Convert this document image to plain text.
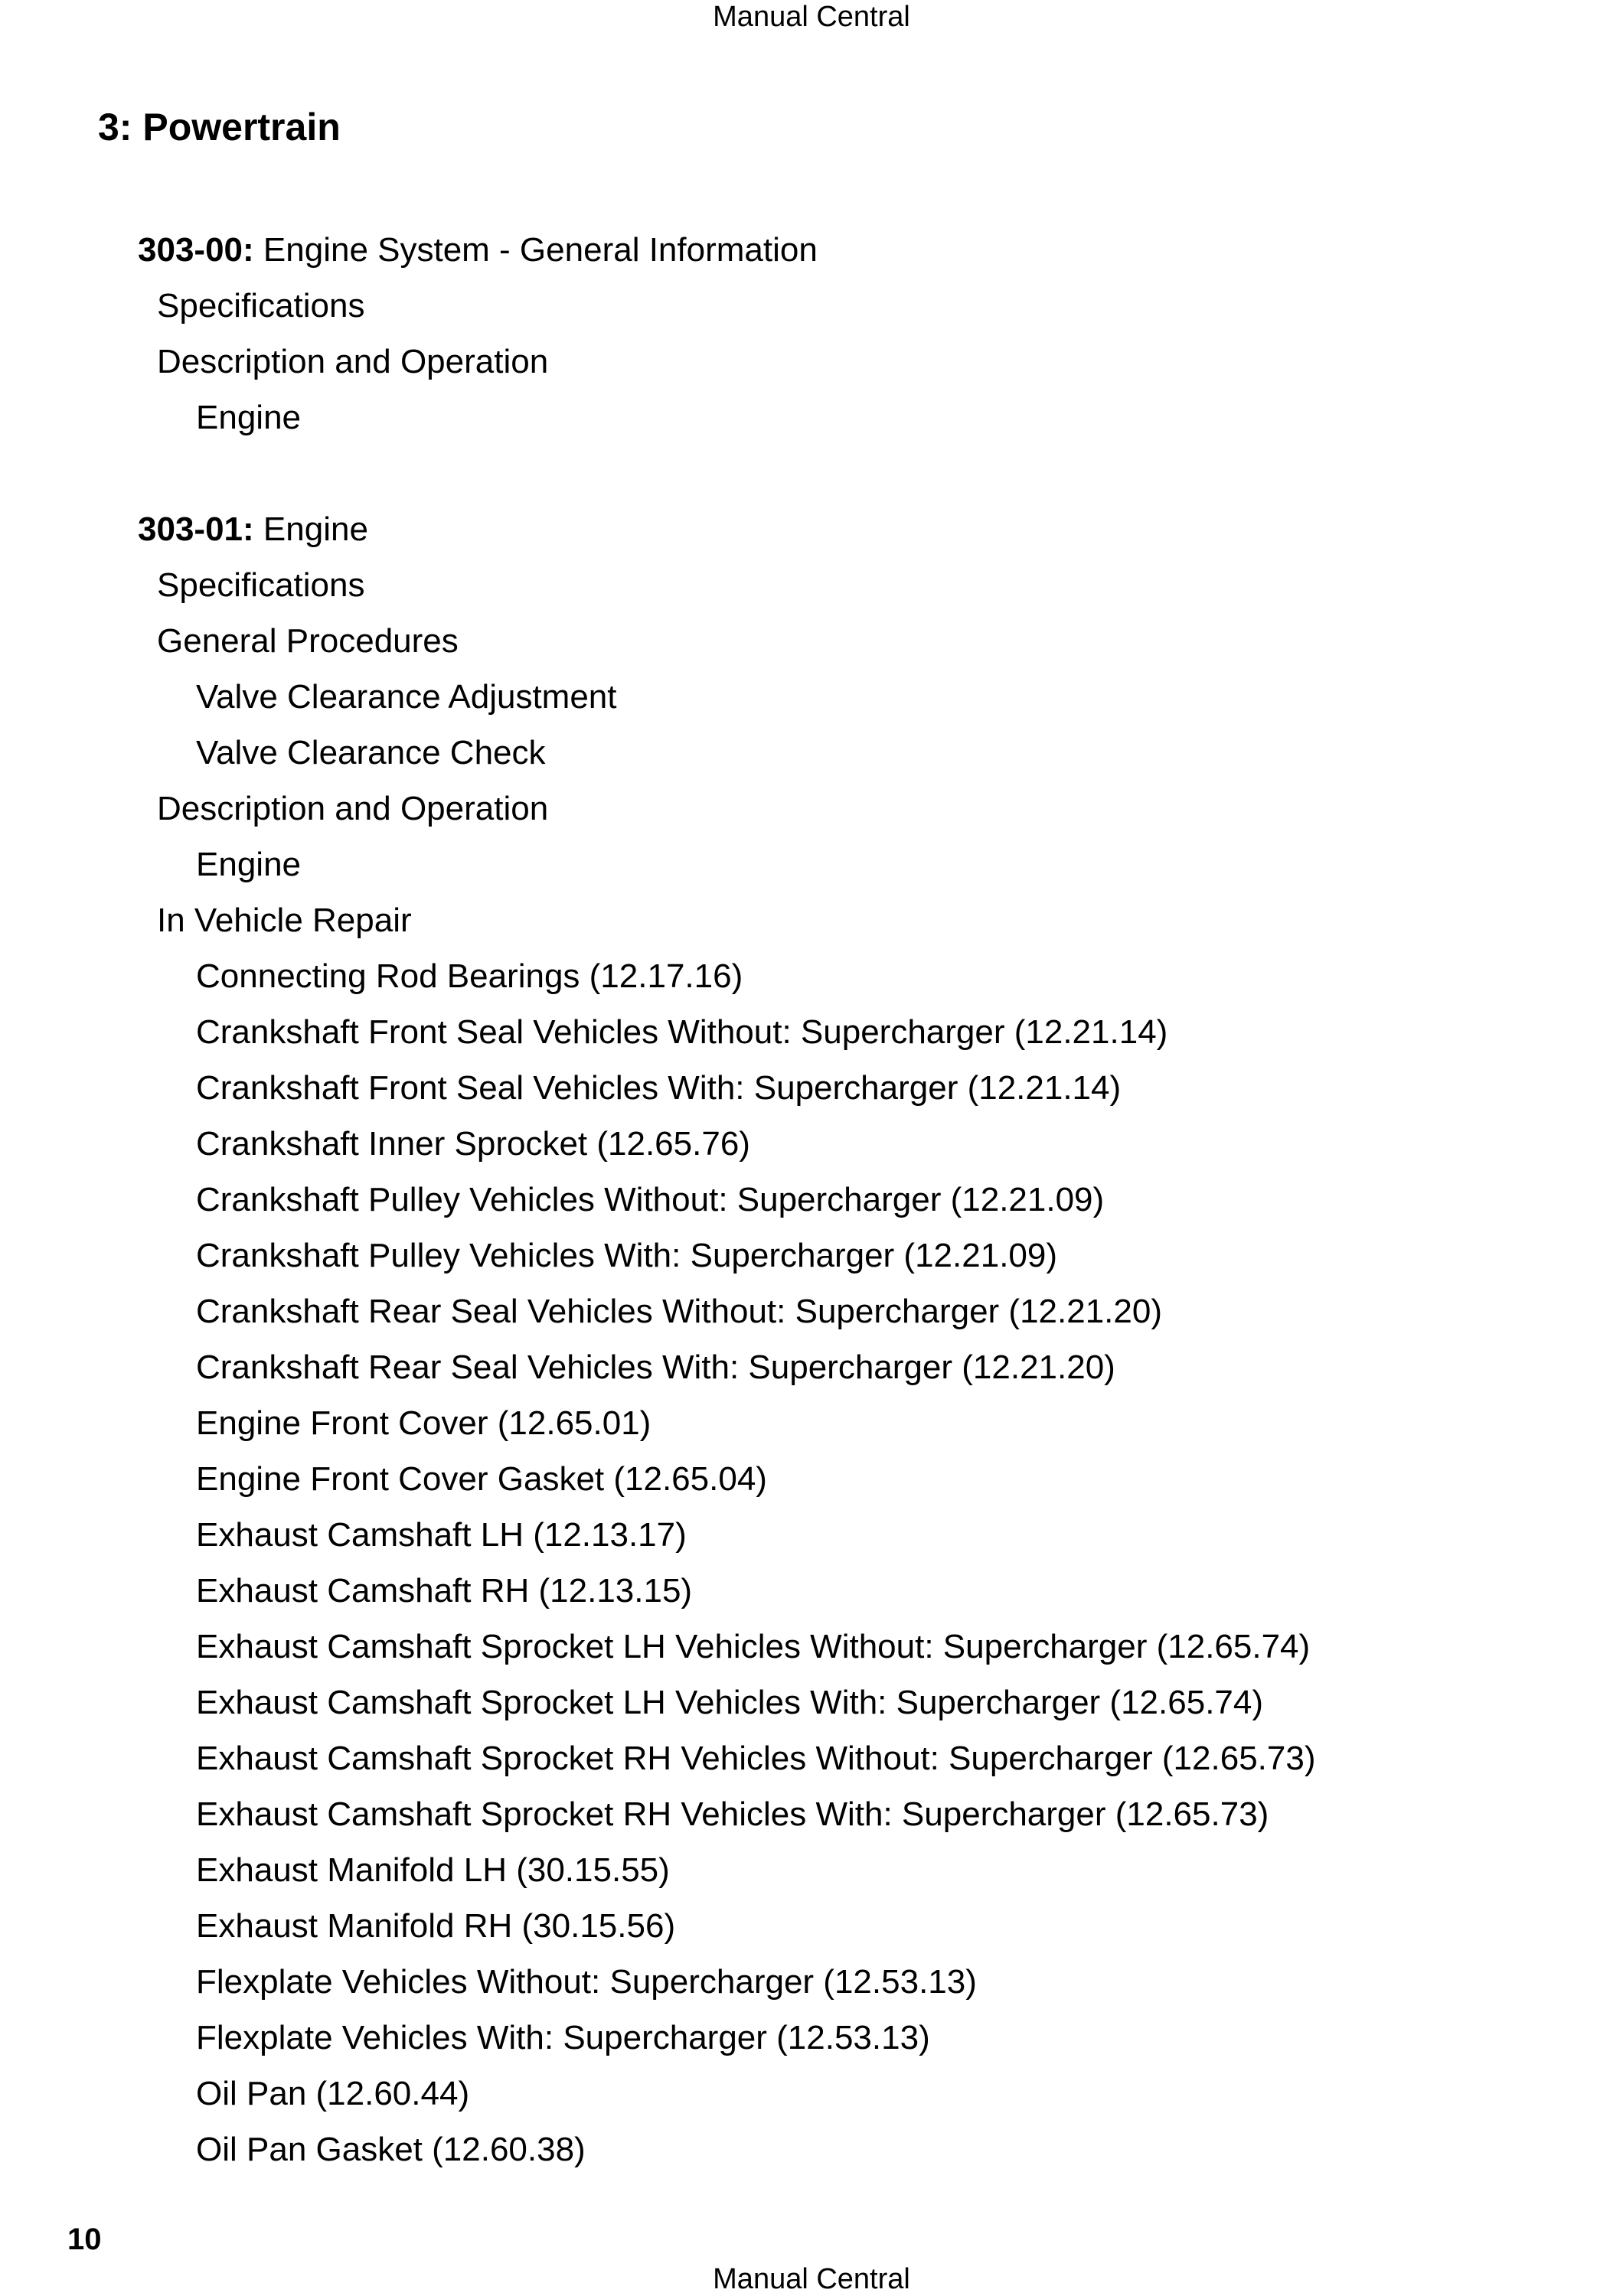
Manual Central
3: Powertrain
303-00: Engine System - General Information
Specifications
Description and Operation
Engine
303-01: Engine
Specifications
General Procedures
Valve Clearance Adjustment
Valve Clearance Check
Description and Operation
Engine
In Vehicle Repair
Connecting Rod Bearings (12.17.16)
Crankshaft Front Seal Vehicles Without: Supercharger (12.21.14)
Crankshaft Front Seal Vehicles With: Supercharger (12.21.14)
Crankshaft Inner Sprocket (12.65.76)
Crankshaft Pulley Vehicles Without: Supercharger (12.21.09)
Crankshaft Pulley Vehicles With: Supercharger (12.21.09)
Crankshaft Rear Seal Vehicles Without: Supercharger (12.21.20)
Crankshaft Rear Seal Vehicles With: Supercharger (12.21.20)
Engine Front Cover (12.65.01)
Engine Front Cover Gasket (12.65.04)
Exhaust Camshaft LH (12.13.17)
Exhaust Camshaft RH (12.13.15)
Exhaust Camshaft Sprocket LH Vehicles Without: Supercharger (12.65.74)
Exhaust Camshaft Sprocket LH Vehicles With: Supercharger (12.65.74)
Exhaust Camshaft Sprocket RH Vehicles Without: Supercharger (12.65.73)
Exhaust Camshaft Sprocket RH Vehicles With: Supercharger (12.65.73)
Exhaust Manifold LH (30.15.55)
Exhaust Manifold RH (30.15.56)
Flexplate Vehicles Without: Supercharger (12.53.13)
Flexplate Vehicles With: Supercharger (12.53.13)
Oil Pan (12.60.44)
Oil Pan Gasket (12.60.38)
10
Manual Central
